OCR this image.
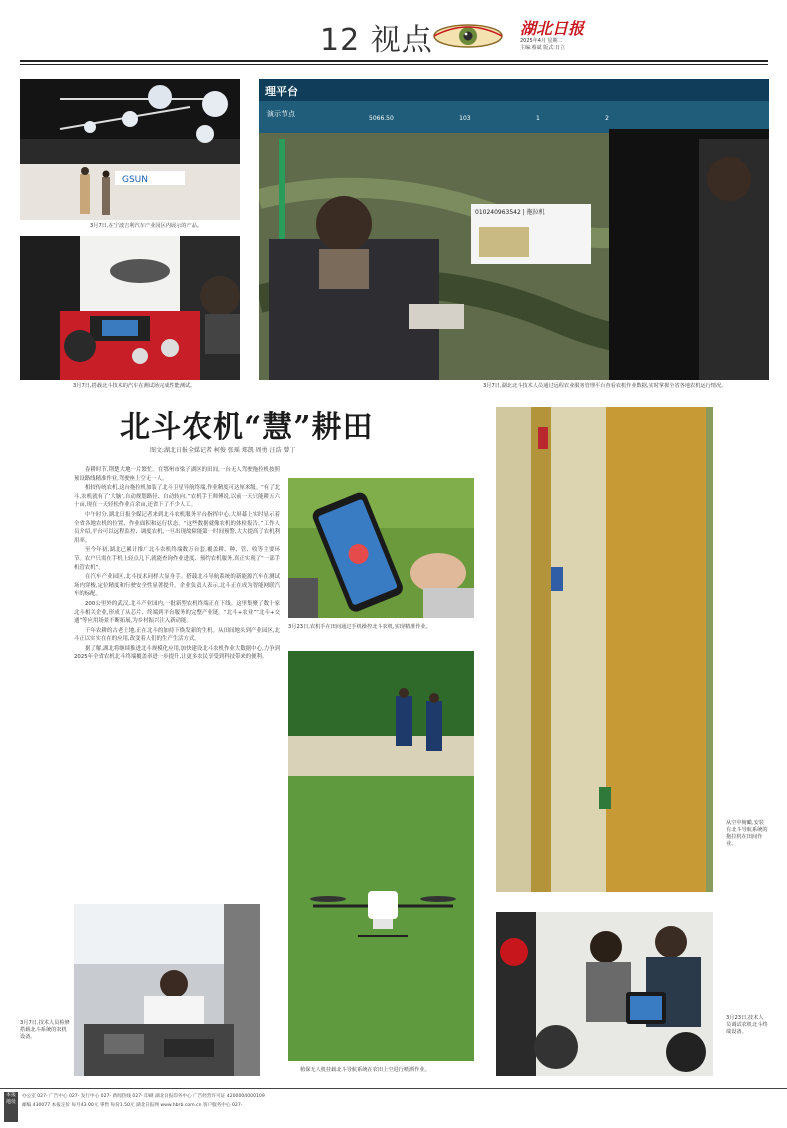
12 视点	湖北日报
2025年4月 星期二
主编:蔡斌 版式:日立
GSUN
3月7日,在宁波吉利汽车产业园区内展示的产品。
3月7日,搭载北斗技术的汽车在测试场完成性能测试。
理平台
演示节点
5066.50	103	1	2
010240963542 | 拖拉机
3月7日,湖北北斗技术人员通过远程农业服务管理平台查看农机作业数据,实时掌握全省各地农机运行情况。
北斗农机“慧”耕田
图文:湖北日报全媒记者 柯俊 张瑶 郑凯 周勇 汪浩 曾丁

春耕时节,荆楚大地一片繁忙。在鄂州市梁子湖区的田间,一台无人驾驶拖拉机按照预设路线精准作业,驾驶座上空无一人。

相较传统农机,这台拖拉机加装了北斗卫星导航终端,作业精度可达厘米级。“有了北斗,农机就有了‘大脑’,自动规划路径、自动转向。”农机手王师傅说,以前一天只能耕五六十亩,现在一天轻松作业百余亩,还省下了不少人工。

中午时分,湖北日报全媒记者来到北斗农机服务平台指挥中心,大屏幕上实时显示着全省各地农机的位置、作业面积和运行状态。“这些数据就像农机的体检报告。”工作人员介绍,平台可以远程监控、调度农机,一旦出现故障能第一时间预警,大大提高了农机利用率。

至今年初,湖北已累计推广北斗农机终端数万台套,覆盖耕、种、管、收等主要环节。农户只需在手机上轻点几下,就能查询作业进度、预约农机服务,真正实现了“一部手机管农机”。

在汽车产业园区,北斗技术同样大显身手。搭载北斗导航系统的新能源汽车在测试场内穿梭,定位精度和行驶安全性显著提升。企业负责人表示,北斗正在成为智能网联汽车的标配。

200公里外的武汉,北斗产业园内,一批新型农机终端正在下线。这里集聚了数十家北斗相关企业,形成了从芯片、终端到平台服务的完整产业链。“北斗+农业”“北斗+交通”等应用场景不断拓展,为乡村振兴注入新动能。

千年农耕的古老土地,正在北斗的加持下焕发新的生机。从田间地头到产业园区,北斗正以实实在在的应用,改变着人们的生产生活方式。

据了解,湖北将继续推进北斗规模化应用,加快建设北斗农机作业大数据中心,力争到2025年全省农机北斗终端覆盖率进一步提升,让更多农民享受到科技带来的便利。

3月23日,农机手在田间通过手机操控北斗农机,实现精准作业。
植保无人机挂载北斗导航系统在农田上空进行喷洒作业。
从空中俯瞰,安装有北斗导航系统的拖拉机在田间作业。
3月7日,技术人员检修搭载北斗系统的农机设备。
3月23日,技术人员调试农机北斗终端设备。
本报地址
办公室 027- 广告中心 027- 发行中心 027- 新闻热线 027- 印刷 湖北日报印务中心 广告经营许可证 4200004000109
邮编 430077 本报定价 每月43.00元 零售 每份1.50元 湖北日报网 www.hbrb.com.cn 客户服务中心 027-
